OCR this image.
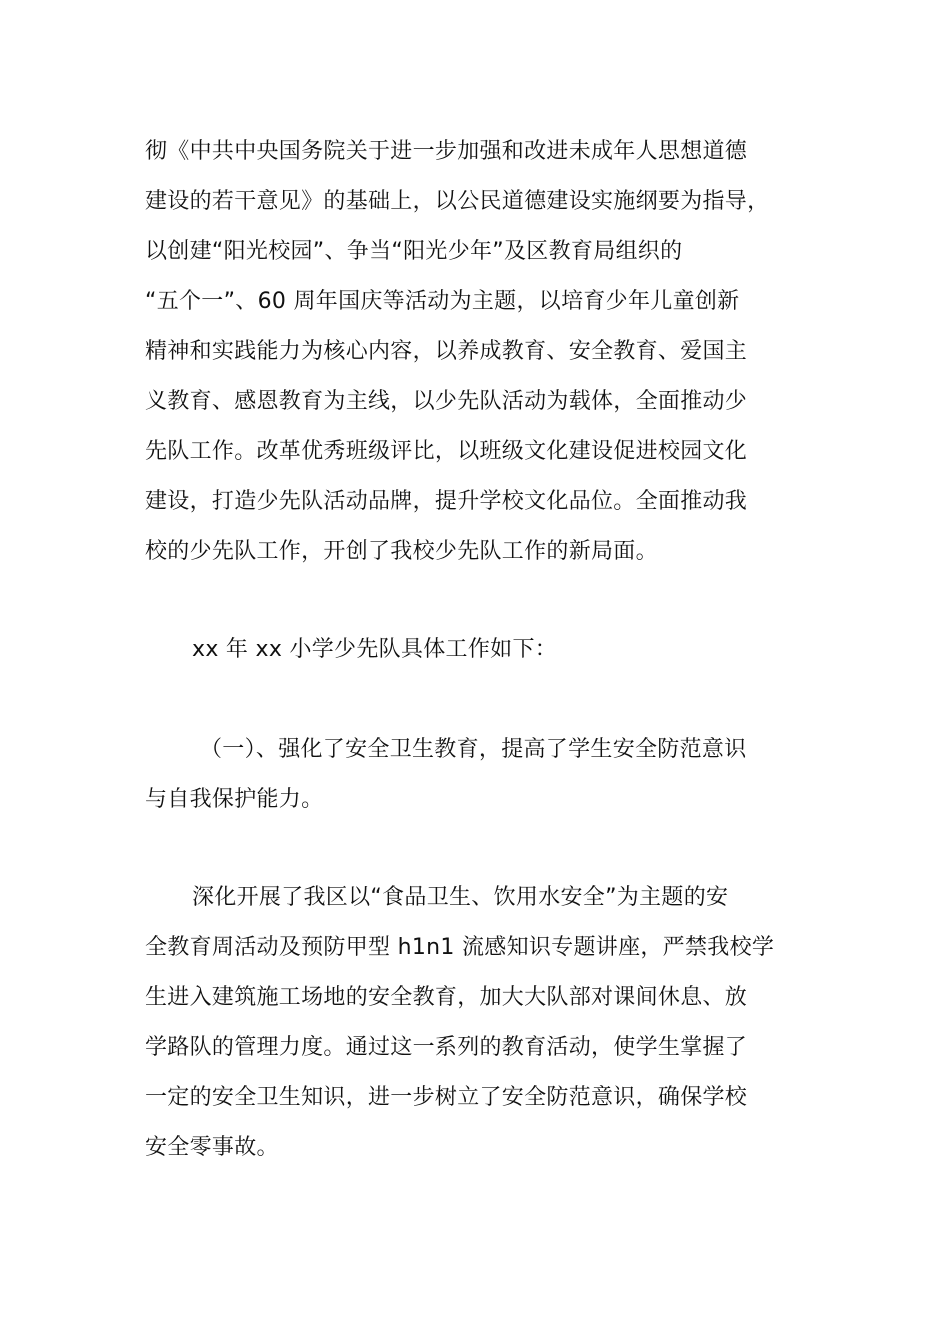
彻《中共中央国务院关于进一步加强和改进未成年人思想道德

建设的若干意见》的基础上，以公民道德建设实施纲要为指导，

以创建“阳光校园”、争当“阳光少年”及区教育局组织的

“五个一”、60 周年国庆等活动为主题，以培育少年儿童创新

精神和实践能力为核心内容，以养成教育、安全教育、爱国主

义教育、感恩教育为主线，以少先队活动为载体，全面推动少

先队工作。改革优秀班级评比，以班级文化建设促进校园文化

建设，打造少先队活动品牌，提升学校文化品位。全面推动我

校的少先队工作，开创了我校少先队工作的新局面。

xx 年 xx 小学少先队具体工作如下：

（一）、强化了安全卫生教育，提高了学生安全防范意识

与自我保护能力。

深化开展了我区以“食品卫生、饮用水安全”为主题的安

全教育周活动及预防甲型 h1n1 流感知识专题讲座，严禁我校学

生进入建筑施工场地的安全教育，加大大队部对课间休息、放

学路队的管理力度。通过这一系列的教育活动，使学生掌握了

一定的安全卫生知识，进一步树立了安全防范意识，确保学校

安全零事故。
